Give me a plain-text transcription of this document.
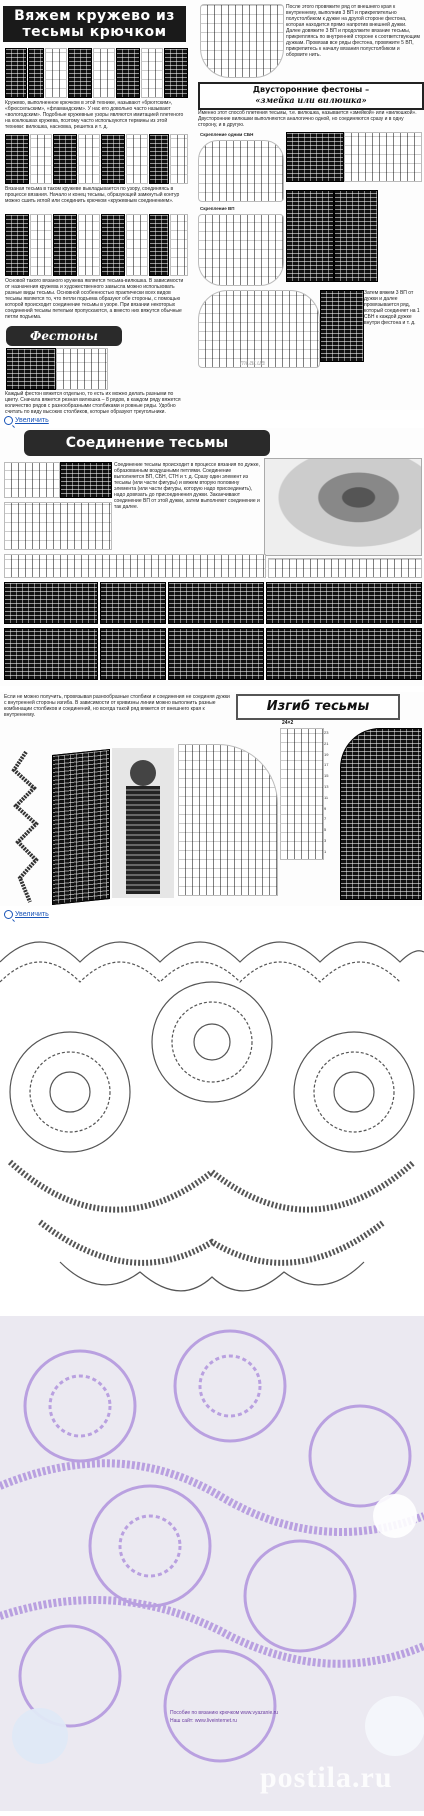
Вяжем кружево из тесьмы крючком
Кружево, выполненное крючком в этой технике, называют «брюггским», «брюссельским», «фламандским». У нас его довольно часто называют «вологодским». Подобные кружевные узоры являются имитацией плетеного на коклюшках кружева, поэтому часто используются термины из этой техники: вилюшка, насновка, решетка и т. д.
Вязаная тесьма в таком кружеве выкладывается по узору, соединяясь в процессе вязания. Начало и конец тесьмы, образующей замкнутый контур можно сшить иглой или соединить крючком «кружевным соединением».
Основой такого вязаного кружева является тесьма-вилюшка. В зависимости от назначения кружева и художественного замысла можно использовать разные виды тесьмы. Основной особенностью практически всех видов тесьмы является то, что петли подъема образуют обе стороны, с помощью которой происходит соединение тесьмы в узоре. При вязании некоторых соединений тесьмы петельки пропускаются, а вместо них вяжутся обычные петли подъема.
Фестоны
Каждый фестон вяжется отдельно, то есть их можно делать разными по цвету. Сначала вяжется резная вилюшка – 8 рядов, в каждом ряду вяжется количество рядов с разнообразными столбиками и ровные ряды. Удобно считать по виду высоких столбиков, которые образуют треугольники.
После этого провяжите ряд от внешнего края к внутреннему, выполнив 3 ВП и прикрепительно полустолбиком к дужке на другой стороне фестона, которая находится прямо напротив внешней дужки. Далее довяжите 3 ВП и продолжите вязание тесьмы, прикрепляясь по внутренней стороне к соответствующим дужкам. Провязав все ряды фестона, провяжите 5 ВП, прикрепитесь к началу вязания полустолбиком и оборвите нить.
Двусторонние фестоны –
«змейка или вилюшка»
Именно этот способ плетения тесьмы, т.е. вилюшка, называется «змейкой» или «вилюшкой». Двусторонние вилюшки выполняются аналогично одной, но соединяются сразу и в одну сторону, и в другую.
Скрепление одним СБН
Скрепление ВП
mi.at.ua
Затем вяжем 3 ВП от дужки и далее провязывается ряд, который соединяет на 1 СБН к каждой дужке внутри фестона и т. д.
Увеличить
Соединение тесьмы
Соединение тесьмы происходит в процессе вязания по дужке, образованным воздушными петлями. Соединение выполняется ВП, СБН, СТН и т. д. Сразу один элемент из тесьмы (или части фигуры) и вяжем вторую половину элемента (или части фигуры, которую надо присоединить), надо довязать до присоединения дужки. Заканчивают соединение ВП от этой дужки, затем выполняют соединение и так далее.
Если не можно получить, провязывая разнообразные столбики и соединения не соединяя дужки с внутренней стороны изгиба. В зависимости от кривизны линии можно выполнить разные комбинации столбиков и соединений, но всегда такой ряд вяжется от внешнего края к внутреннему.
Изгиб тесьмы
24×2
23
21
19
17
15
13
11
9
7
5
3
1
Увеличить
Пособие по вязанию крючком www.vyazanie.ru
Наш сайт: www.liveinternet.ru
postila.ru
